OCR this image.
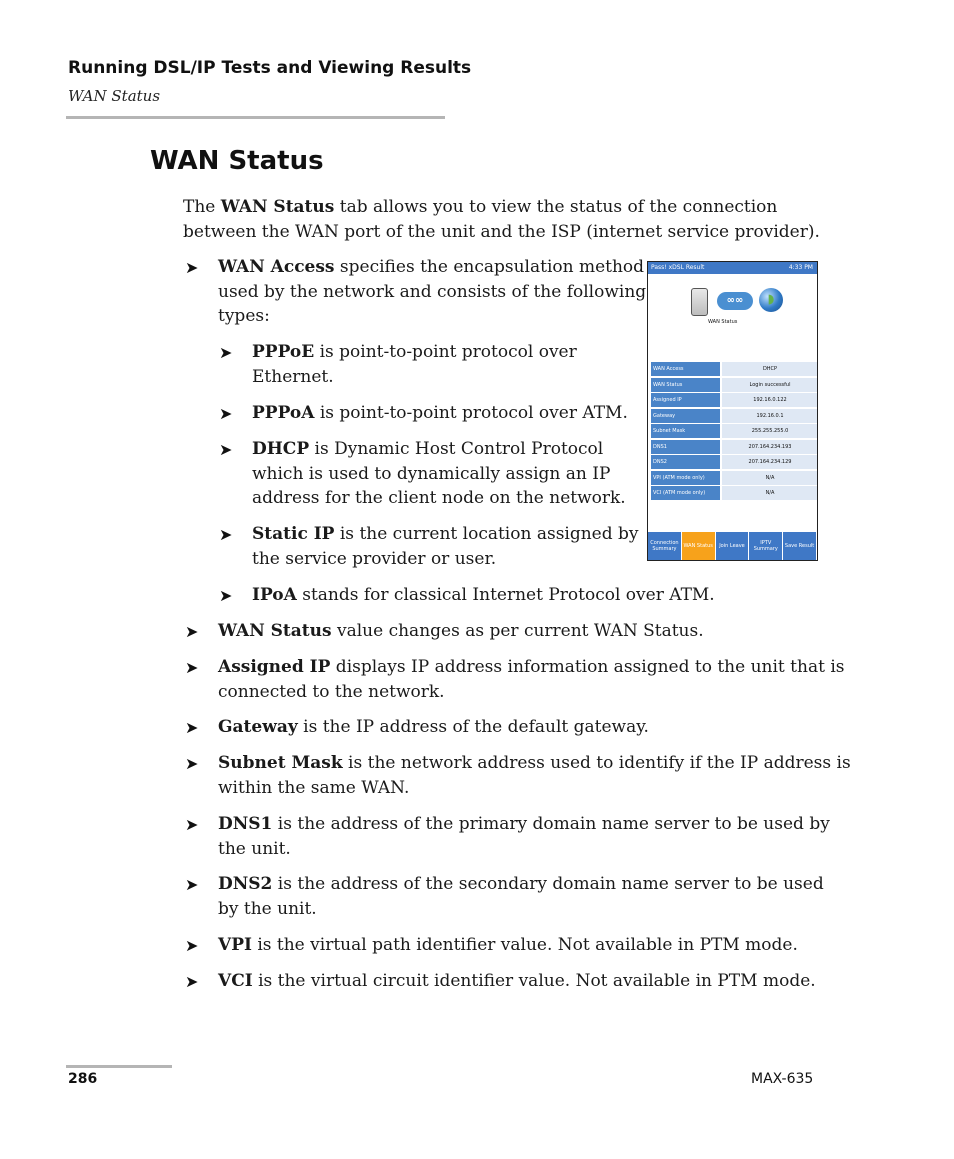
Running DSL/IP Tests and Viewing Results
WAN Status
WAN Status
The WAN Status tab allows you to view the status of the connection
between the WAN port of the unit and the ISP (internet service provider).
➤ WAN Access specifies the encapsulation method
used by the network and consists of the following
types:
➤ PPPoE is point-to-point protocol over
Ethernet.
➤ PPPoA is point-to-point protocol over ATM.
➤ DHCP is Dynamic Host Control Protocol
which is used to dynamically assign an IP
address for the client node on the network.
➤ Static IP is the current location assigned by
the service provider or user.
➤ IPoA stands for classical Internet Protocol over ATM.
➤ WAN Status value changes as per current WAN Status.
➤ Assigned IP displays IP address information assigned to the unit that is
connected to the network.
➤ Gateway is the IP address of the default gateway.
➤ Subnet Mask is the network address used to identify if the IP address is
within the same WAN.
➤ DNS1 is the address of the primary domain name server to be used by
the unit.
➤ DNS2 is the address of the secondary domain name server to be used
by the unit.
➤ VPI is the virtual path identifier value. Not available in PTM mode.
➤ VCI is the virtual circuit identifier value. Not available in PTM mode.
Pass! xDSL Result	4:33 PM
∞∞	◗
WAN Status
WAN Access	DHCP
WAN Status	Login successful
Assigned IP	192.16.0.122
Gateway	192.16.0.1
Subnet Mask	255.255.255.0
DNS1	207.164.234.193
DNS2	207.164.234.129
VPI (ATM mode only)	N/A
VCI (ATM mode only)	N/A
Connection Summary	WAN Status	Join Leave	IPTV Summary	Save Result
286	MAX-635
